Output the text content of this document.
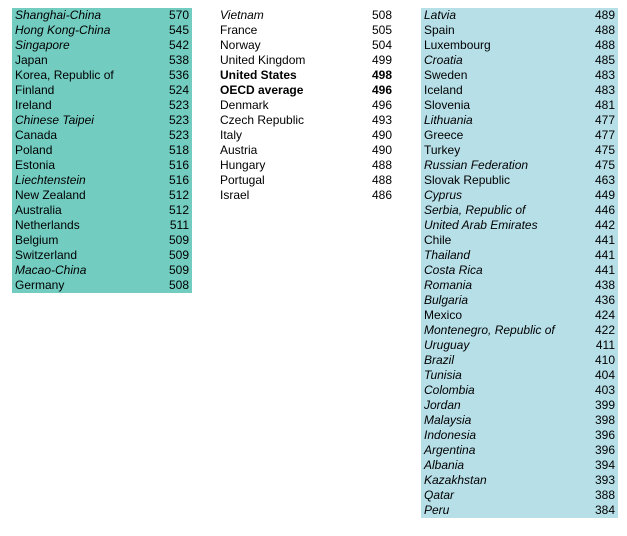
Shanghai-China	570
Hong Kong-China	545
Singapore	542
Japan	538
Korea, Republic of	536
Finland	524
Ireland	523
Chinese Taipei	523
Canada	523
Poland	518
Estonia	516
Liechtenstein	516
New Zealand	512
Australia	512
Netherlands	511
Belgium	509
Switzerland	509
Macao-China	509
Germany	508
Vietnam	508
France	505
Norway	504
United Kingdom	499
United States	498
OECD average	496
Denmark	496
Czech Republic	493
Italy	490
Austria	490
Hungary	488
Portugal	488
Israel	486
Latvia	489
Spain	488
Luxembourg	488
Croatia	485
Sweden	483
Iceland	483
Slovenia	481
Lithuania	477
Greece	477
Turkey	475
Russian Federation	475
Slovak Republic	463
Cyprus	449
Serbia, Republic of	446
United Arab Emirates	442
Chile	441
Thailand	441
Costa Rica	441
Romania	438
Bulgaria	436
Mexico	424
Montenegro, Republic of	422
Uruguay	411
Brazil	410
Tunisia	404
Colombia	403
Jordan	399
Malaysia	398
Indonesia	396
Argentina	396
Albania	394
Kazakhstan	393
Qatar	388
Peru	384
